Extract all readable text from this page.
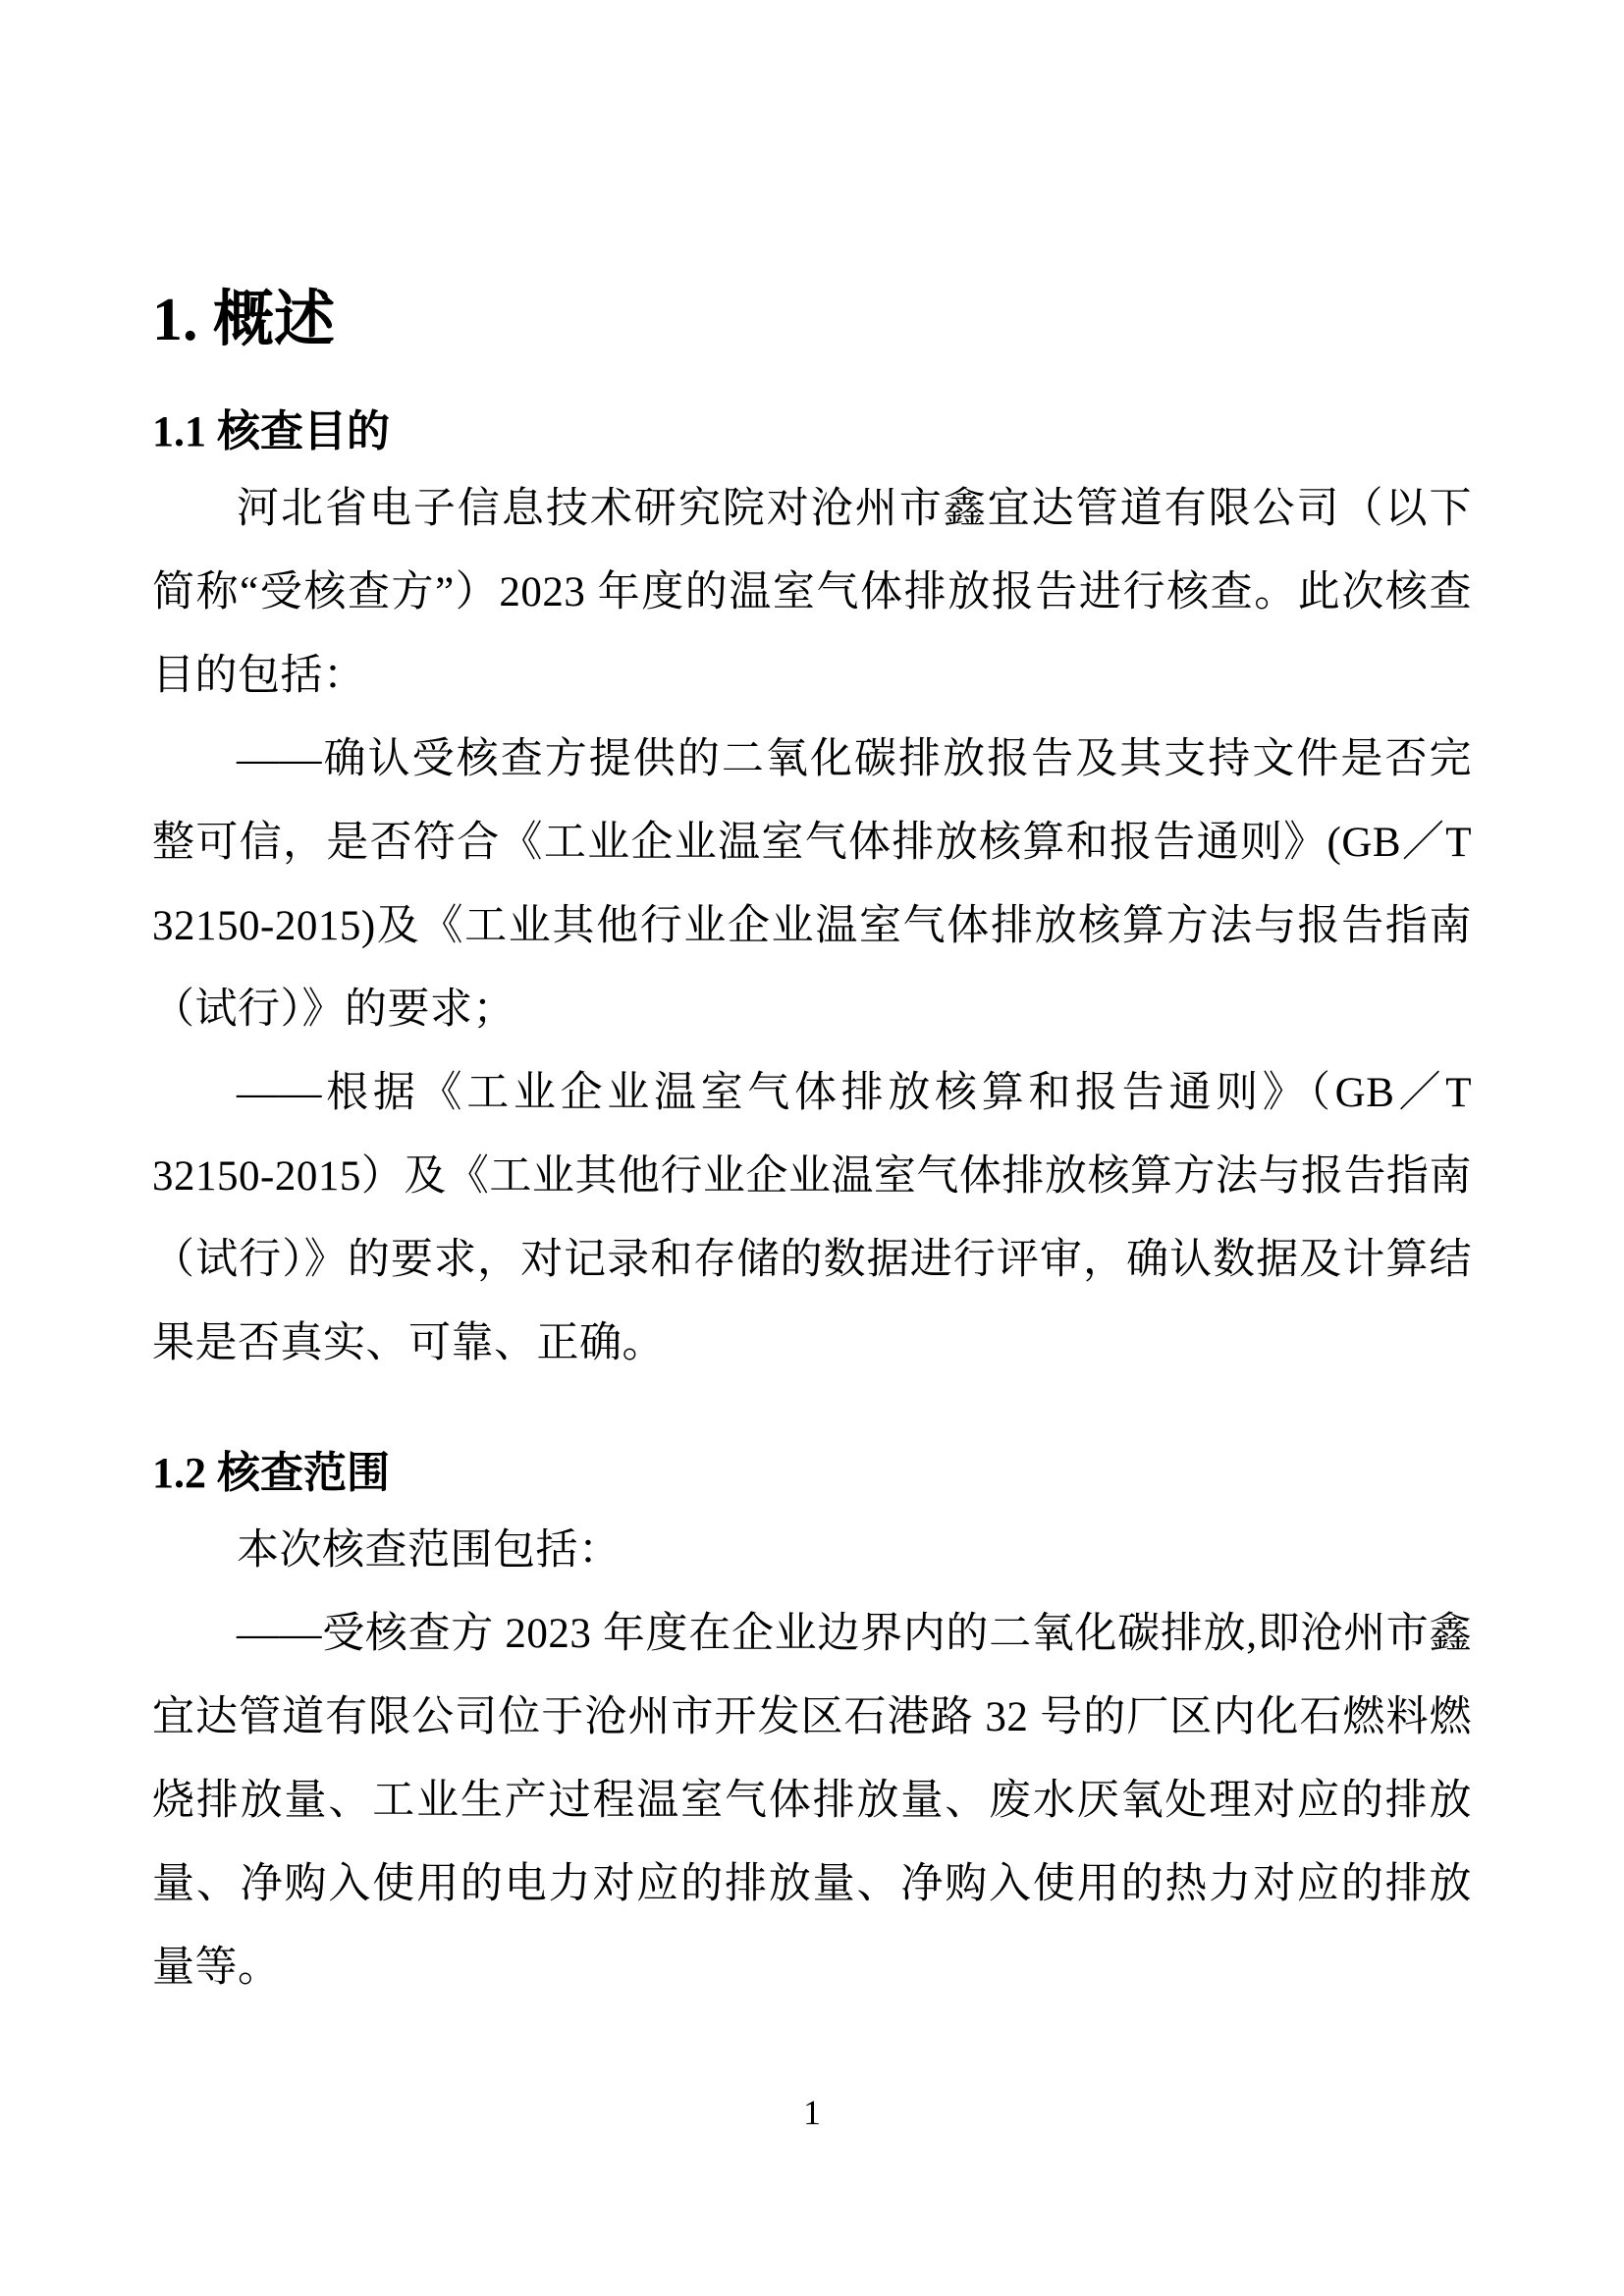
1. 概述
1.1 核查目的

河北省电子信息技术研究院对沧州市鑫宜达管道有限公司（以下简称“受核查方”）2023 年度的温室气体排放报告进行核查。此次核查目的包括：

——确认受核查方提供的二氧化碳排放报告及其支持文件是否完整可信，是否符合《工业企业温室气体排放核算和报告通则》(GB／T 32150-2015)及《工业其他行业企业温室气体排放核算方法与报告指南（试行）》的要求；

——根据《工业企业温室气体排放核算和报告通则》（GB／T 32150-2015）及《工业其他行业企业温室气体排放核算方法与报告指南（试行）》的要求，对记录和存储的数据进行评审，确认数据及计算结果是否真实、可靠、正确。

1.2 核查范围

本次核查范围包括：

——受核查方 2023 年度在企业边界内的二氧化碳排放,即沧州市鑫宜达管道有限公司位于沧州市开发区石港路 32 号的厂区内化石燃料燃烧排放量、工业生产过程温室气体排放量、废水厌氧处理对应的排放量、净购入使用的电力对应的排放量、净购入使用的热力对应的排放量等。

1
